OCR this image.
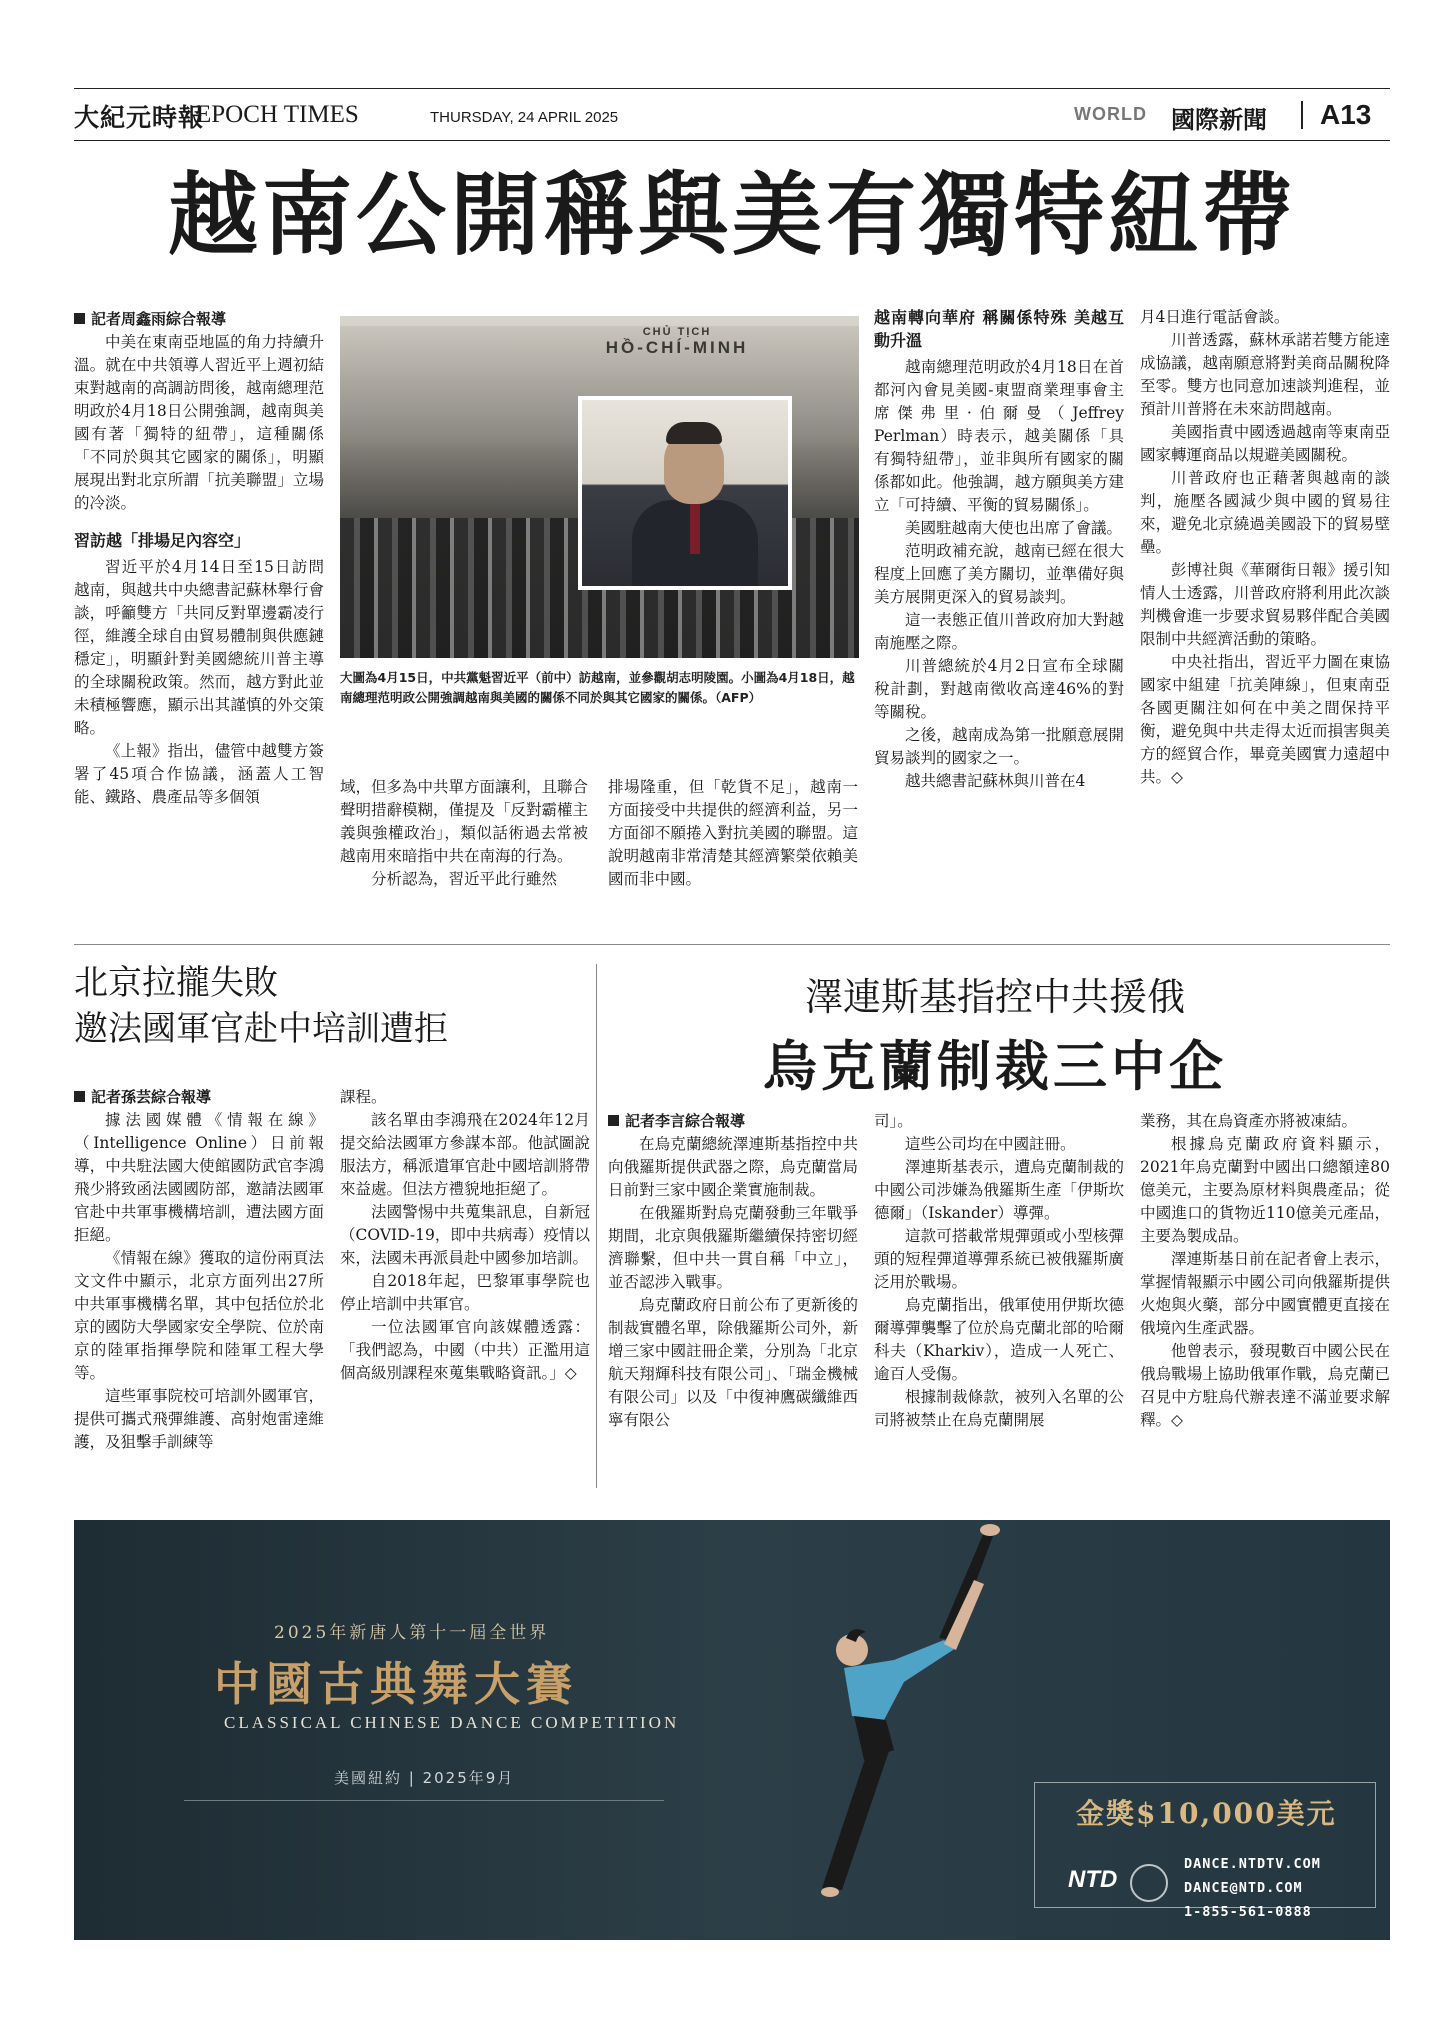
大紀元時報
EPOCH TIMES	THURSDAY, 24 APRIL 2025	WORLD 國際新聞 A13
越南公開稱與美有獨特紐帶
記者周鑫雨綜合報導

中美在東南亞地區的角力持續升溫。就在中共領導人習近平上週初結束對越南的高調訪問後，越南總理范明政於4月18日公開強調，越南與美國有著「獨特的紐帶」，這種關係「不同於與其它國家的關係」，明顯展現出對北京所謂「抗美聯盟」立場的冷淡。

習訪越「排場足內容空」

習近平於4月14日至15日訪問越南，與越共中央總書記蘇林舉行會談，呼籲雙方「共同反對單邊霸凌行徑，維護全球自由貿易體制與供應鏈穩定」，明顯針對美國總統川普主導的全球關稅政策。然而，越方對此並未積極響應，顯示出其謹慎的外交策略。

《上報》指出，儘管中越雙方簽署了45項合作協議，涵蓋人工智能、鐵路、農產品等多個領

CHỦ TỊCH
HỒ-CHÍ-MINH
大圖為4月15日，中共黨魁習近平（前中）訪越南，並參觀胡志明陵園。小圖為4月18日，越南總理范明政公開強調越南與美國的關係不同於與其它國家的關係。（AFP）

域，但多為中共單方面讓利，且聯合聲明措辭模糊，僅提及「反對霸權主義與強權政治」，類似話術過去常被越南用來暗指中共在南海的行為。

分析認為，習近平此行雖然

排場隆重，但「乾貨不足」，越南一方面接受中共提供的經濟利益，另一方面卻不願捲入對抗美國的聯盟。這說明越南非常清楚其經濟繁榮依賴美國而非中國。

越南轉向華府 稱關係特殊 美越互動升溫

越南總理范明政於4月18日在首都河內會見美國-東盟商業理事會主席傑弗里·伯爾曼（Jeffrey Perlman）時表示，越美關係「具有獨特紐帶」，並非與所有國家的關係都如此。他強調，越方願與美方建立「可持續、平衡的貿易關係」。

美國駐越南大使也出席了會議。

范明政補充說，越南已經在很大程度上回應了美方關切，並準備好與美方展開更深入的貿易談判。

這一表態正值川普政府加大對越南施壓之際。

川普總統於4月2日宣布全球關稅計劃，對越南徵收高達46%的對等關稅。

之後，越南成為第一批願意展開貿易談判的國家之一。

越共總書記蘇林與川普在4

月4日進行電話會談。

川普透露，蘇林承諾若雙方能達成協議，越南願意將對美商品關稅降至零。雙方也同意加速談判進程，並預計川普將在未來訪問越南。

美國指責中國透過越南等東南亞國家轉運商品以規避美國關稅。

川普政府也正藉著與越南的談判，施壓各國減少與中國的貿易往來，避免北京繞過美國設下的貿易壁壘。

彭博社與《華爾街日報》援引知情人士透露，川普政府將利用此次談判機會進一步要求貿易夥伴配合美國限制中共經濟活動的策略。

中央社指出，習近平力圖在東協國家中組建「抗美陣線」，但東南亞各國更關注如何在中美之間保持平衡，避免與中共走得太近而損害與美方的經貿合作，畢竟美國實力遠超中共。◇

北京拉攏失敗
邀法國軍官赴中培訓遭拒
記者孫芸綜合報導

據法國媒體《情報在線》（Intelligence Online）日前報導，中共駐法國大使館國防武官李鴻飛少將致函法國國防部，邀請法國軍官赴中共軍事機構培訓，遭法國方面拒絕。

《情報在線》獲取的這份兩頁法文文件中顯示，北京方面列出27所中共軍事機構名單，其中包括位於北京的國防大學國家安全學院、位於南京的陸軍指揮學院和陸軍工程大學等。

這些軍事院校可培訓外國軍官，提供可攜式飛彈維護、高射炮雷達維護，及狙擊手訓練等

課程。

該名單由李鴻飛在2024年12月提交給法國軍方參謀本部。他試圖說服法方，稱派遣軍官赴中國培訓將帶來益處。但法方禮貌地拒絕了。

法國警惕中共蒐集訊息，自新冠（COVID-19，即中共病毒）疫情以來，法國未再派員赴中國參加培訓。

自2018年起，巴黎軍事學院也停止培訓中共軍官。

一位法國軍官向該媒體透露：「我們認為，中國（中共）正濫用這個高級別課程來蒐集戰略資訊。」◇

澤連斯基指控中共援俄
烏克蘭制裁三中企
記者李言綜合報導

在烏克蘭總統澤連斯基指控中共向俄羅斯提供武器之際，烏克蘭當局日前對三家中國企業實施制裁。

在俄羅斯對烏克蘭發動三年戰爭期間，北京與俄羅斯繼續保持密切經濟聯繫，但中共一貫自稱「中立」，並否認涉入戰事。

烏克蘭政府日前公布了更新後的制裁實體名單，除俄羅斯公司外，新增三家中國註冊企業，分別為「北京航天翔輝科技有限公司」、「瑞金機械有限公司」以及「中復神鷹碳纖維西寧有限公

司」。

這些公司均在中國註冊。

澤連斯基表示，遭烏克蘭制裁的中國公司涉嫌為俄羅斯生產「伊斯坎德爾」（Iskander）導彈。

這款可搭載常規彈頭或小型核彈頭的短程彈道導彈系統已被俄羅斯廣泛用於戰場。

烏克蘭指出，俄軍使用伊斯坎德爾導彈襲擊了位於烏克蘭北部的哈爾科夫（Kharkiv），造成一人死亡、逾百人受傷。

根據制裁條款，被列入名單的公司將被禁止在烏克蘭開展

業務，其在烏資產亦將被凍結。

根據烏克蘭政府資料顯示，2021年烏克蘭對中國出口總額達80億美元，主要為原材料與農產品；從中國進口的貨物近110億美元產品，主要為製成品。

澤連斯基日前在記者會上表示，掌握情報顯示中國公司向俄羅斯提供火炮與火藥，部分中國實體更直接在俄境內生產武器。

他曾表示，發現數百中國公民在俄烏戰場上協助俄軍作戰，烏克蘭已召見中方駐烏代辦表達不滿並要求解釋。◇

2025年新唐人第十一屆全世界
中國古典舞大賽
CLASSICAL CHINESE DANCE COMPETITION
美國紐約 | 2025年9月
金獎$10,000美元
NTD
DANCE.NTDTV.COM
DANCE@NTD.COM
1-855-561-0888
